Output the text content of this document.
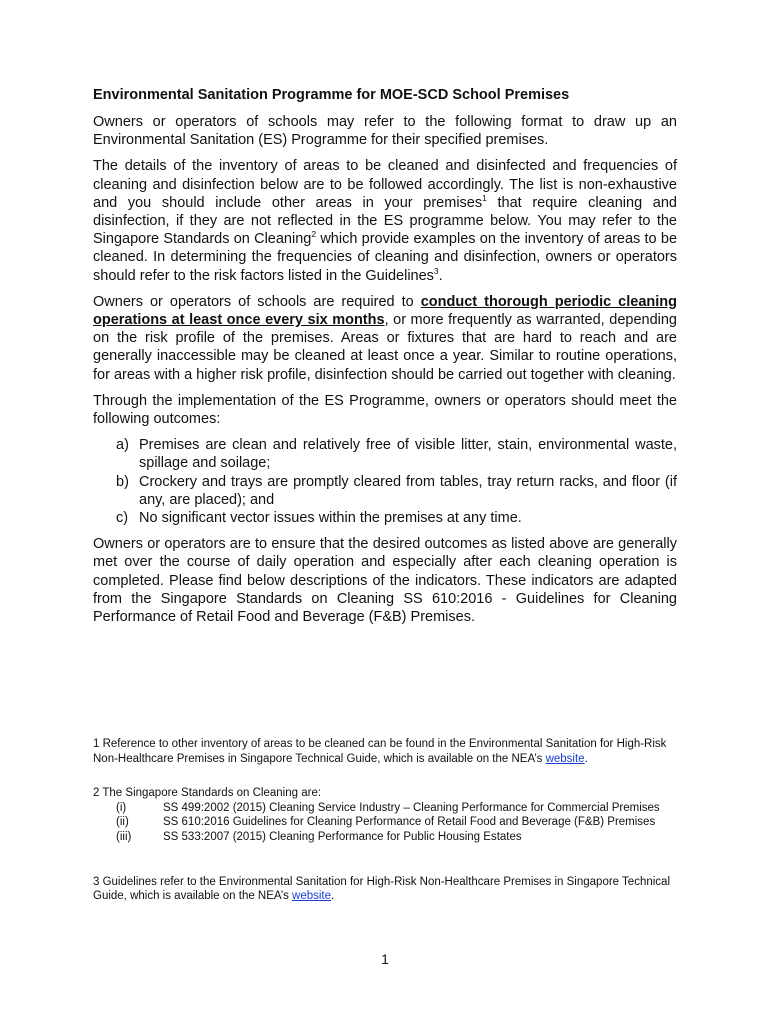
Environmental Sanitation Programme for MOE-SCD School Premises

Owners or operators of schools may refer to the following format to draw up an Environmental Sanitation (ES) Programme for their specified premises.

The details of the inventory of areas to be cleaned and disinfected and frequencies of cleaning and disinfection below are to be followed accordingly. The list is non-exhaustive and you should include other areas in your premises$^1$ that require cleaning and disinfection, if they are not reflected in the ES programme below. You may refer to the Singapore Standards on Cleaning$^2$ which provide examples on the inventory of areas to be cleaned. In determining the frequencies of cleaning and disinfection, owners or operators should refer to the risk factors listed in the Guidelines$^3$.

Owners or operators of schools are required to conduct thorough periodic cleaning operations at least once every six months, or more frequently as warranted, depending on the risk profile of the premises. Areas or fixtures that are hard to reach and are generally inaccessible may be cleaned at least once a year. Similar to routine operations, for areas with a higher risk profile, disinfection should be carried out together with cleaning.

Through the implementation of the ES Programme, owners or operators should meet the following outcomes:

a) Premises are clean and relatively free of visible litter, stain, environmental waste, spillage and soilage;
b) Crockery and trays are promptly cleared from tables, tray return racks, and floor (if any, are placed); and
c) No significant vector issues within the premises at any time.

Owners or operators are to ensure that the desired outcomes as listed above are generally met over the course of daily operation and especially after each cleaning operation is completed. Please find below descriptions of the indicators. These indicators are adapted from the Singapore Standards on Cleaning SS 610:2016 - Guidelines for Cleaning Performance of Retail Food and Beverage (F&B) Premises.

1 Reference to other inventory of areas to be cleaned can be found in the Environmental Sanitation for High-Risk Non-Healthcare Premises in Singapore Technical Guide, which is available on the NEA’s website.

2 The Singapore Standards on Cleaning are:

(i)	SS 499:2002 (2015) Cleaning Service Industry – Cleaning Performance for Commercial Premises
(ii)	SS 610:2016 Guidelines for Cleaning Performance of Retail Food and Beverage (F&B) Premises
(iii)	SS 533:2007 (2015) Cleaning Performance for Public Housing Estates

3 Guidelines refer to the Environmental Sanitation for High-Risk Non-Healthcare Premises in Singapore Technical Guide, which is available on the NEA’s website.

1
